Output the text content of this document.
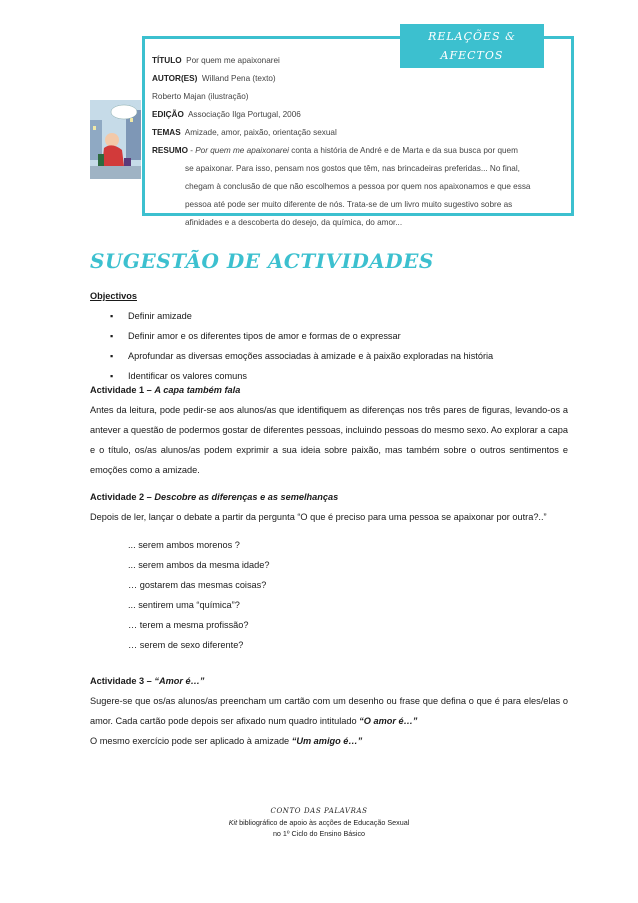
RELAÇÕES &
AFECTOS
TÍTULO Por quem me apaixonarei
AUTOR(ES) Willand Pena (texto)
Roberto Majan (ilustração)
EDIÇÃO Associação Ilga Portugal, 2006
TEMAS Amizade, amor, paixão, orientação sexual
RESUMO - Por quem me apaixonarei conta a história de André e de Marta e da sua busca por quem
se apaixonar. Para isso, pensam nos gostos que têm, nas brincadeiras preferidas... No final,
chegam à conclusão de que não escolhemos a pessoa por quem nos apaixonamos e que essa
pessoa até pode ser muito diferente de nós. Trata-se de um livro muito sugestivo sobre as
afinidades e a descoberta do desejo, da química, do amor...
SUGESTÃO DE ACTIVIDADES
Objectivos
▪ Definir amizade
▪ Definir amor e os diferentes tipos de amor e formas de o expressar
▪ Aprofundar as diversas emoções associadas à amizade e à paixão exploradas na história
▪ Identificar os valores comuns
Actividade 1 – A capa também fala
Antes da leitura, pode pedir-se aos alunos/as que identifiquem as diferenças nos três pares de figuras, levando-os a antever a questão de podermos gostar de diferentes pessoas, incluindo pessoas do mesmo sexo. Ao explorar a capa e o título, os/as alunos/as podem exprimir a sua ideia sobre paixão, mas também sobre o outros sentimentos e emoções como a amizade.
Actividade 2 – Descobre as diferenças e as semelhanças
Depois de ler, lançar o debate a partir da pergunta “O que é preciso para uma pessoa se apaixonar por outra?..”
... serem ambos morenos ?
... serem ambos da mesma idade?
… gostarem das mesmas coisas?
... sentirem uma “química”?
… terem a mesma profissão?
… serem de sexo diferente?
Actividade 3 – “Amor é…”
Sugere-se que os/as alunos/as preencham um cartão com um desenho ou frase que defina o que é para eles/elas o amor. Cada cartão pode depois ser afixado num quadro intitulado “O amor é…”
O mesmo exercício pode ser aplicado à amizade “Um amigo é…”
CONTO DAS PALAVRAS
Kit bibliográfico de apoio às acções de Educação Sexual
no 1º Ciclo do Ensino Básico
